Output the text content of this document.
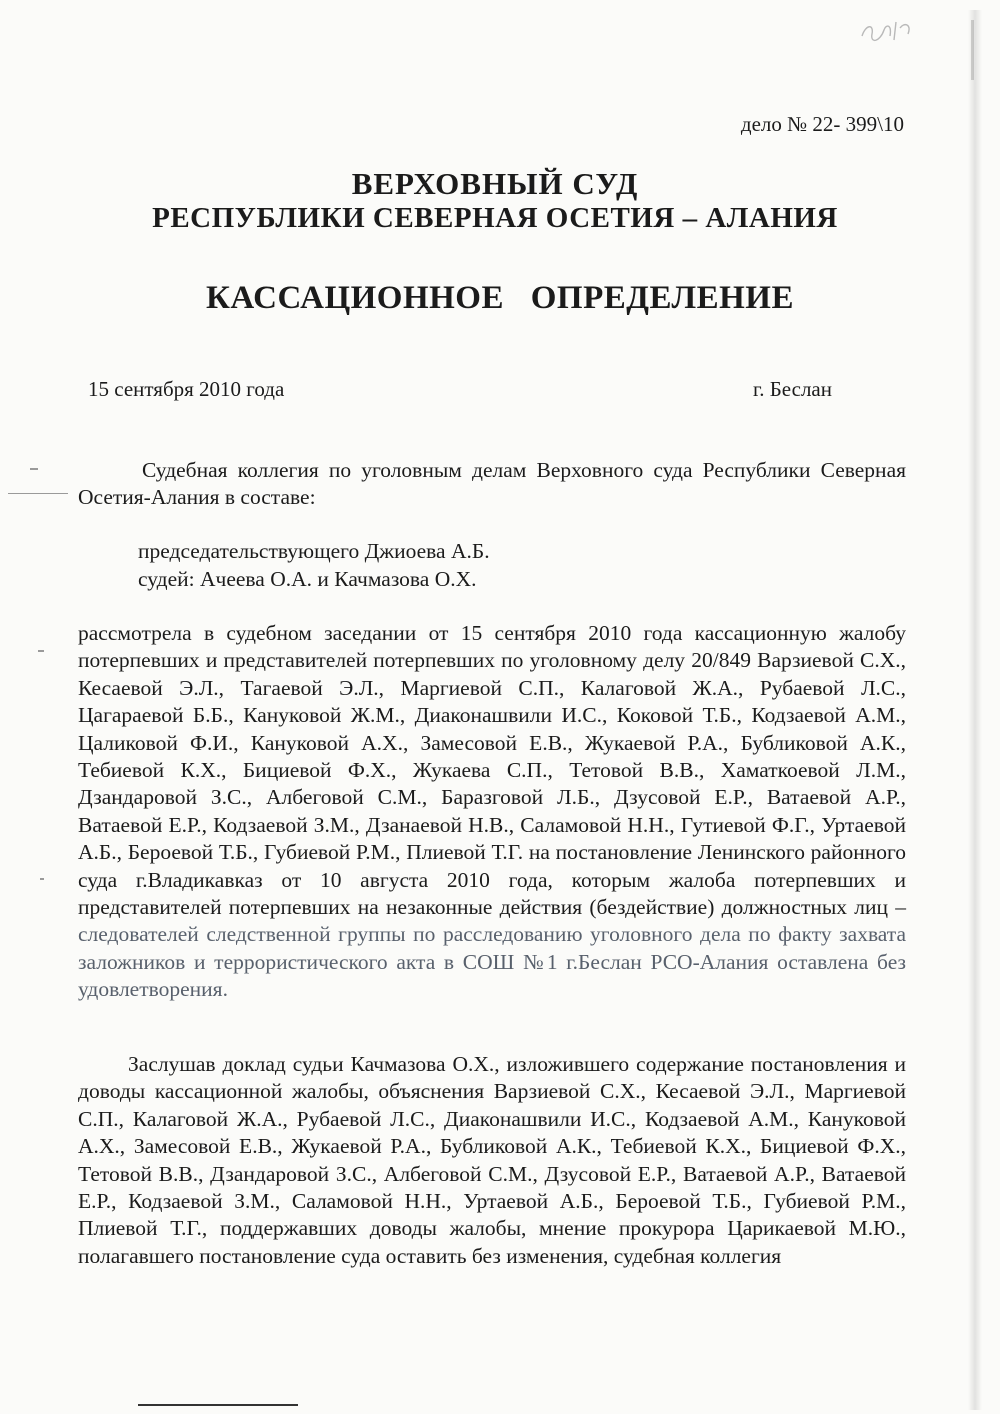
дело № 22- 399\10
ВЕРХОВНЫЙ СУД
РЕСПУБЛИКИ СЕВЕРНАЯ ОСЕТИЯ – АЛАНИЯ
КАССАЦИОННОЕ ОПРЕДЕЛЕНИЕ
15 сентября 2010 года	г. Беслан
Судебная коллегия по уголовным делам Верховного суда Республики Северная Осетия-Алания в составе:
председательствующего Джиоева А.Б.
судей: Ачеева О.А. и Качмазова О.Х.
рассмотрела в судебном заседании от 15 сентября 2010 года кассационную жалобу потерпевших и представителей потерпевших по уголовному делу 20/849 Варзиевой С.Х., Кесаевой Э.Л., Тагаевой Э.Л., Маргиевой С.П., Калаговой Ж.А., Рубаевой Л.С., Цагараевой Б.Б., Кануковой Ж.М., Диаконашвили И.С., Коковой Т.Б., Кодзаевой А.М., Цаликовой Ф.И., Кануковой А.Х., Замесовой Е.В., Жукаевой Р.А., Бубликовой А.К., Тебиевой К.Х., Бициевой Ф.Х., Жукаева С.П., Тетовой В.В., Хаматкоевой Л.М., Дзандаровой З.С., Албеговой С.М., Баразговой Л.Б., Дзусовой Е.Р., Ватаевой А.Р., Ватаевой Е.Р., Кодзаевой З.М., Дзанаевой Н.В., Саламовой Н.Н., Гутиевой Ф.Г., Уртаевой А.Б., Бероевой Т.Б., Губиевой Р.М., Плиевой Т.Г. на постановление Ленинского районного суда г.Владикавказ от 10 августа 2010 года, которым жалоба потерпевших и представителей потерпевших на незаконные действия (бездействие) должностных лиц – следователей следственной группы по расследованию уголовного дела по факту захвата заложников и террористического акта в СОШ №1 г.Беслан РСО-Алания оставлена без удовлетворения.
Заслушав доклад судьи Качмазова О.Х., изложившего содержание постановления и доводы кассационной жалобы, объяснения Варзиевой С.Х., Кесаевой Э.Л., Маргиевой С.П., Калаговой Ж.А., Рубаевой Л.С., Диаконашвили И.С., Кодзаевой А.М., Кануковой А.Х., Замесовой Е.В., Жукаевой Р.А., Бубликовой А.К., Тебиевой К.Х., Бициевой Ф.Х., Тетовой В.В., Дзандаровой З.С., Албеговой С.М., Дзусовой Е.Р., Ватаевой А.Р., Ватаевой Е.Р., Кодзаевой З.М., Саламовой Н.Н., Уртаевой А.Б., Бероевой Т.Б., Губиевой Р.М., Плиевой Т.Г., поддержавших доводы жалобы, мнение прокурора Царикаевой М.Ю., полагавшего постановление суда оставить без изменения, судебная коллегия
